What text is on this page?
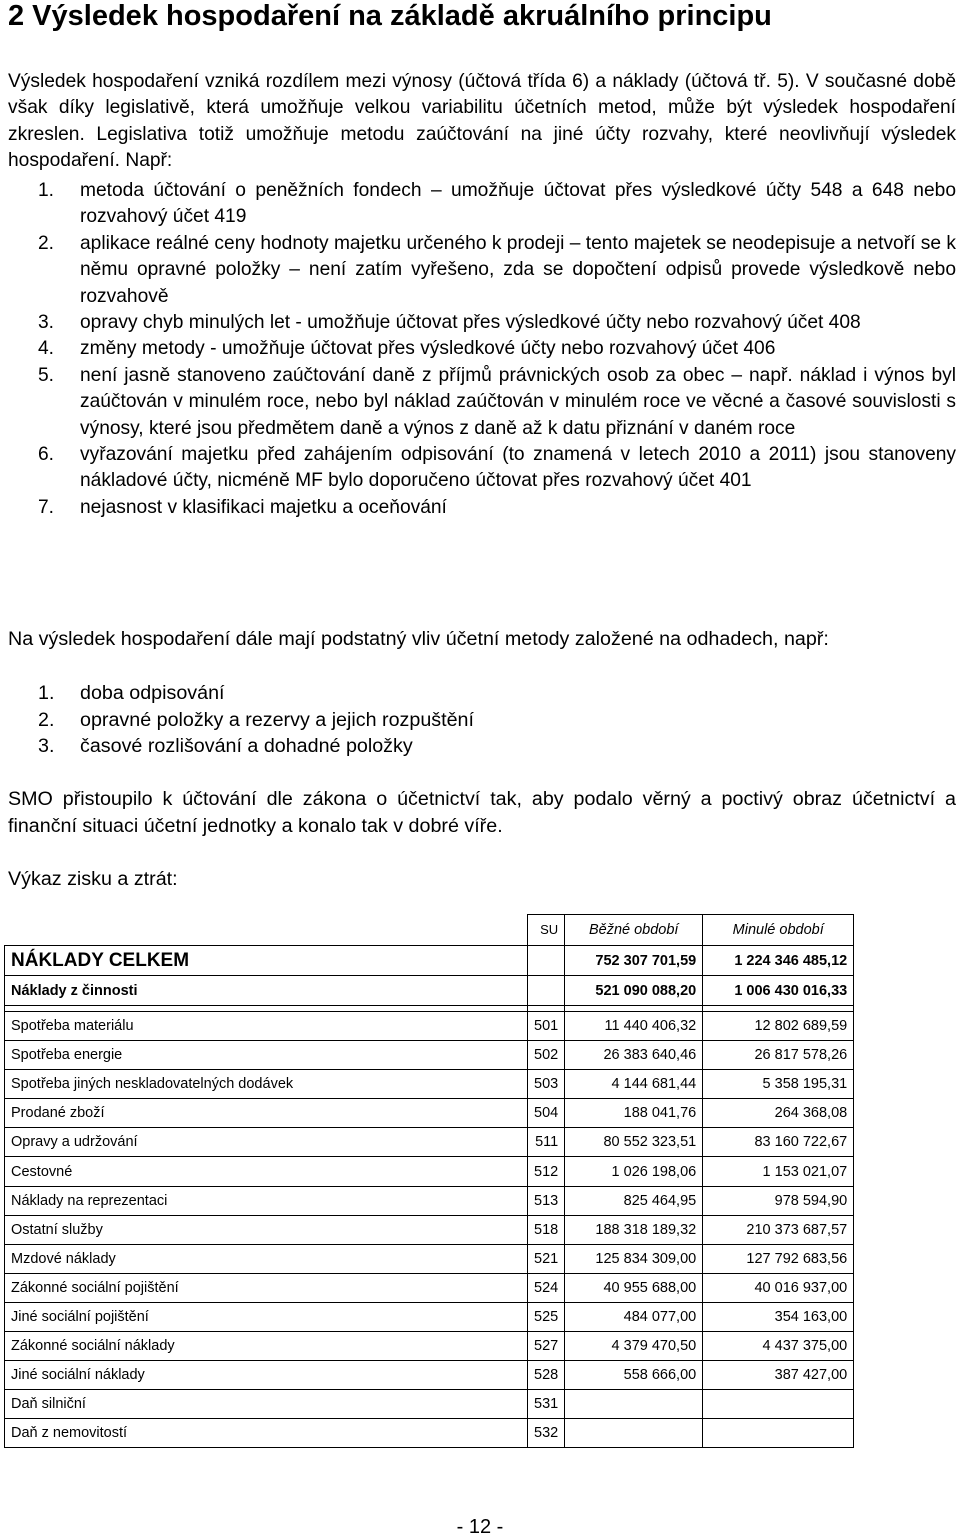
2 Výsledek hospodaření na základě akruálního principu

Výsledek hospodaření vzniká rozdílem mezi výnosy (účtová třída 6) a náklady (účtová tř. 5). V současné době však díky legislativě, která umožňuje velkou variabilitu účetních metod, může být výsledek hospodaření zkreslen. Legislativa totiž umožňuje metodu zaúčtování na jiné účty rozvahy, které neovlivňují výsledek hospodaření. Např:

1.	metoda účtování o peněžních fondech – umožňuje účtovat přes výsledkové účty 548 a 648 nebo rozvahový účet 419
2.	aplikace reálné ceny hodnoty majetku určeného k prodeji – tento majetek se neodepisuje a netvoří se k němu opravné položky – není zatím vyřešeno, zda se dopočtení odpisů provede výsledkově nebo rozvahově
3.	opravy chyb minulých let - umožňuje účtovat přes výsledkové účty nebo rozvahový účet 408
4.	změny metody - umožňuje účtovat přes výsledkové účty nebo rozvahový účet 406
5.	není jasně stanoveno zaúčtování daně z příjmů právnických osob za obec – např. náklad i výnos byl zaúčtován v minulém roce, nebo byl náklad zaúčtován v minulém roce ve věcné a časové souvislosti s výnosy, které jsou předmětem daně a výnos z daně až k datu přiznání v daném roce
6.	vyřazování majetku před zahájením odpisování (to znamená v letech 2010 a 2011) jsou stanoveny nákladové účty, nicméně MF bylo doporučeno účtovat přes rozvahový účet 401
7.	nejasnost v klasifikaci majetku a oceňování

Na výsledek hospodaření dále mají podstatný vliv účetní metody založené na odhadech, např:

1. doba odpisování
2. opravné položky a rezervy a jejich rozpuštění
3. časové rozlišování a dohadné položky

SMO přistoupilo k účtování dle zákona o účetnictví tak, aby podalo věrný a poctivý obraz účetnictví a finanční situaci účetní jednotky a konalo tak v dobré víře.

Výkaz zisku a ztrát:

	SU	Běžné období	Minulé období
NÁKLADY CELKEM		752 307 701,59	1 224 346 485,12
Náklady z činnosti		521 090 088,20	1 006 430 016,33

Spotřeba materiálu	501	11 440 406,32	12 802 689,59
Spotřeba energie	502	26 383 640,46	26 817 578,26
Spotřeba jiných neskladovatelných dodávek	503	4 144 681,44	5 358 195,31
Prodané zboží	504	188 041,76	264 368,08
Opravy a udržování	511	80 552 323,51	83 160 722,67
Cestovné	512	1 026 198,06	1 153 021,07
Náklady na reprezentaci	513	825 464,95	978 594,90
Ostatní služby	518	188 318 189,32	210 373 687,57
Mzdové náklady	521	125 834 309,00	127 792 683,56
Zákonné sociální pojištění	524	40 955 688,00	40 016 937,00
Jiné sociální pojištění	525	484 077,00	354 163,00
Zákonné sociální náklady	527	4 379 470,50	4 437 375,00
Jiné sociální náklady	528	558 666,00	387 427,00
Daň silniční	531		
Daň z nemovitostí	532		
- 12 -
